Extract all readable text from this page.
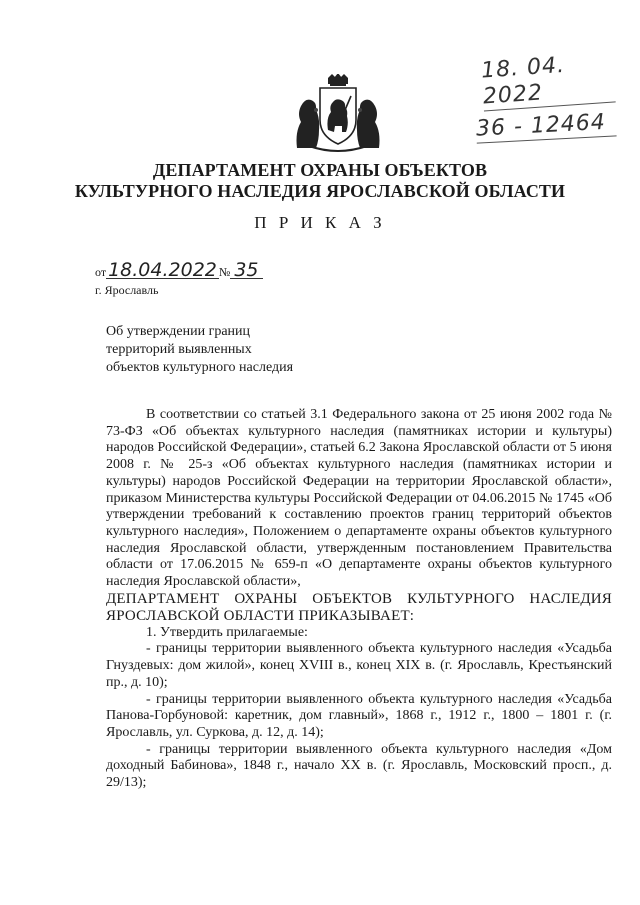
18. 04. 2022
36 - 12464
ДЕПАРТАМЕНТ ОХРАНЫ ОБЪЕКТОВ
КУЛЬТУРНОГО НАСЛЕДИЯ ЯРОСЛАВСКОЙ ОБЛАСТИ
П Р И К А З
от 18.04.2022 № 35
г. Ярославль
Об утверждении границ
территорий выявленных
объектов культурного наследия

В соответствии со статьей 3.1 Федерального закона от 25 июня 2002 года № 73-ФЗ «Об объектах культурного наследия (памятниках истории и культуры) народов Российской Федерации», статьей 6.2 Закона Ярославской области от 5 июня 2008 г. № 25-з «Об объектах культурного наследия (памятниках истории и культуры) народов Российской Федерации на территории Ярославской области», приказом Министерства культуры Российской Федерации от 04.06.2015 № 1745 «Об утверждении требований к составлению проектов границ территорий объектов культурного наследия», Положением о департаменте охраны объектов культурного наследия Ярославской области, утвержденным постановлением Правительства области от 17.06.2015 № 659-п «О департаменте охраны объектов культурного наследия Ярославской области»,

ДЕПАРТАМЕНТ ОХРАНЫ ОБЪЕКТОВ КУЛЬТУРНОГО НАСЛЕДИЯ ЯРОСЛАВСКОЙ ОБЛАСТИ ПРИКАЗЫВАЕТ:

1. Утвердить прилагаемые:

- границы территории выявленного объекта культурного наследия «Усадьба Гнуздевых: дом жилой», конец XVIII в., конец XIX в. (г. Ярославль, Крестьянский пр., д. 10);

- границы территории выявленного объекта культурного наследия «Усадьба Панова-Горбуновой: каретник, дом главный», 1868 г., 1912 г., 1800 – 1801 г. (г. Ярославль, ул. Суркова, д. 12, д. 14);

- границы территории выявленного объекта культурного наследия «Дом доходный Бабинова», 1848 г., начало XX в. (г. Ярославль, Московский просп., д. 29/13);
